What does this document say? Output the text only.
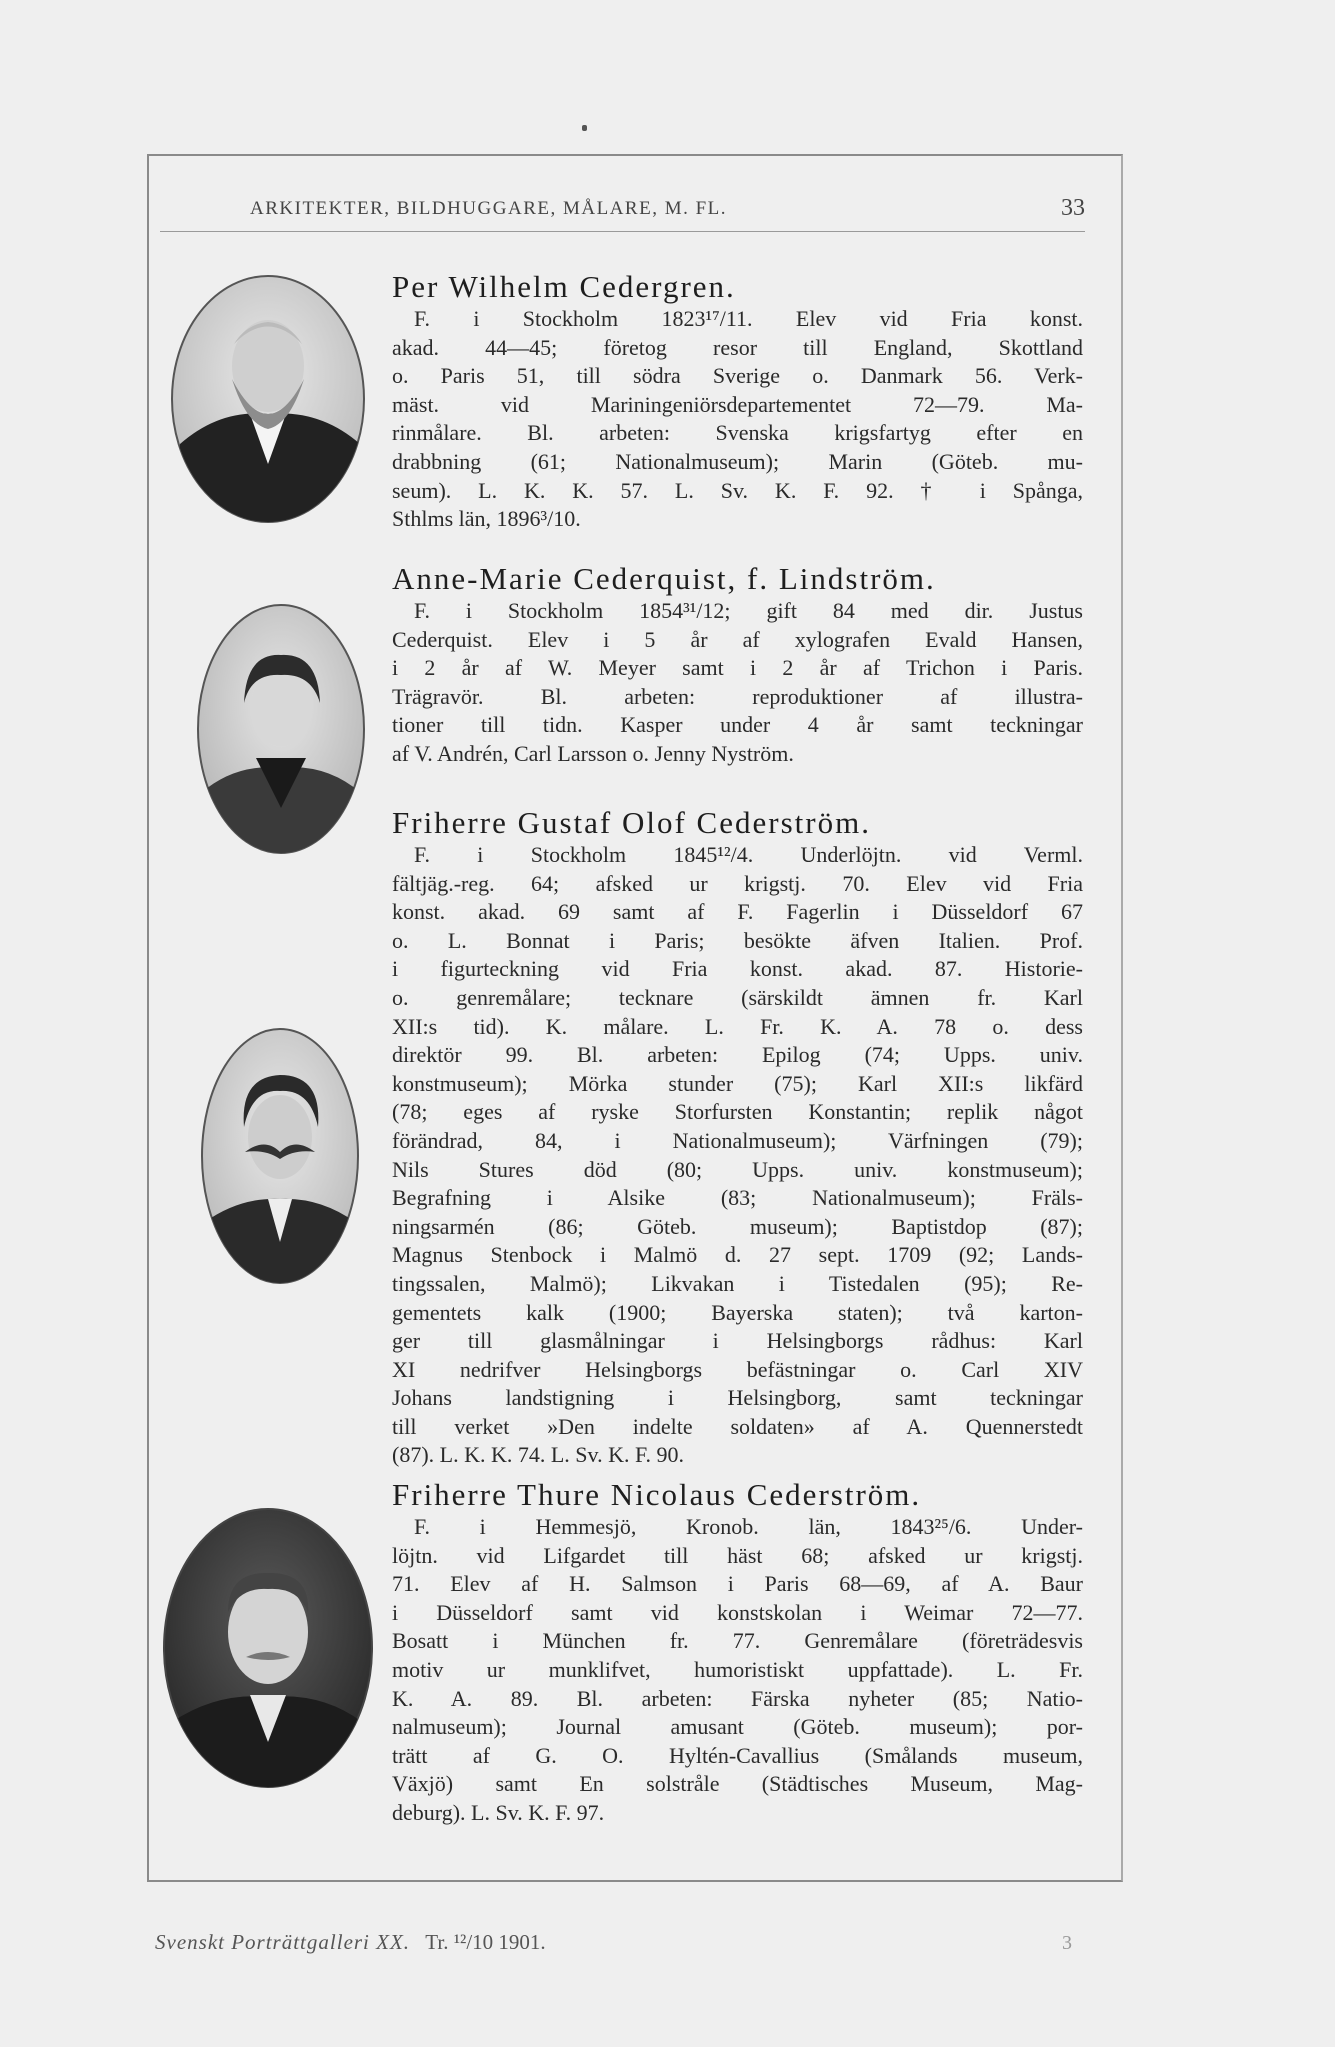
ARKITEKTER, BILDHUGGARE, MÅLARE, M. FL.	33
Per Wilhelm Cedergren.
F. i Stockholm 1823¹⁷/11. Elev vid Fria konst.
akad. 44—45; företog resor till England, Skottland
o. Paris 51, till södra Sverige o. Danmark 56. Verk-
mäst. vid Mariningeniörsdepartementet 72—79. Ma-
rinmålare. Bl. arbeten: Svenska krigsfartyg efter en
drabbning (61; Nationalmuseum); Marin (Göteb. mu-
seum). L. K. K. 57. L. Sv. K. F. 92. † i Spånga,
Sthlms län, 1896³/10.
Anne-Marie Cederquist, f. Lindström.
F. i Stockholm 1854³¹/12; gift 84 med dir. Justus
Cederquist. Elev i 5 år af xylografen Evald Hansen,
i 2 år af W. Meyer samt i 2 år af Trichon i Paris.
Trägravör. Bl. arbeten: reproduktioner af illustra-
tioner till tidn. Kasper under 4 år samt teckningar
af V. Andrén, Carl Larsson o. Jenny Nyström.
Friherre Gustaf Olof Cederström.
F. i Stockholm 1845¹²/4. Underlöjtn. vid Verml.
fältjäg.-reg. 64; afsked ur krigstj. 70. Elev vid Fria
konst. akad. 69 samt af F. Fagerlin i Düsseldorf 67
o. L. Bonnat i Paris; besökte äfven Italien. Prof.
i figurteckning vid Fria konst. akad. 87. Historie-
o. genremålare; tecknare (särskildt ämnen fr. Karl
XII:s tid). K. målare. L. Fr. K. A. 78 o. dess
direktör 99. Bl. arbeten: Epilog (74; Upps. univ.
konstmuseum); Mörka stunder (75); Karl XII:s likfärd
(78; eges af ryske Storfursten Konstantin; replik något
förändrad, 84, i Nationalmuseum); Värfningen (79);
Nils Stures död (80; Upps. univ. konstmuseum);
Begrafning i Alsike (83; Nationalmuseum); Fräls-
ningsarmén (86; Göteb. museum); Baptistdop (87);
Magnus Stenbock i Malmö d. 27 sept. 1709 (92; Lands-
tingssalen, Malmö); Likvakan i Tistedalen (95); Re-
gementets kalk (1900; Bayerska staten); två karton-
ger till glasmålningar i Helsingborgs rådhus: Karl
XI nedrifver Helsingborgs befästningar o. Carl XIV
Johans landstigning i Helsingborg, samt teckningar
till verket »Den indelte soldaten» af A. Quennerstedt
(87). L. K. K. 74. L. Sv. K. F. 90.
Friherre Thure Nicolaus Cederström.
F. i Hemmesjö, Kronob. län, 1843²⁵/6. Under-
löjtn. vid Lifgardet till häst 68; afsked ur krigstj.
71. Elev af H. Salmson i Paris 68—69, af A. Baur
i Düsseldorf samt vid konstskolan i Weimar 72—77.
Bosatt i München fr. 77. Genremålare (företrädesvis
motiv ur munklifvet, humoristiskt uppfattade). L. Fr.
K. A. 89. Bl. arbeten: Färska nyheter (85; Natio-
nalmuseum); Journal amusant (Göteb. museum); por-
trätt af G. O. Hyltén-Cavallius (Smålands museum,
Växjö) samt En solstråle (Städtisches Museum, Mag-
deburg). L. Sv. K. F. 97.
Svenskt Porträttgalleri XX. Tr. ¹²/10 1901.	3
